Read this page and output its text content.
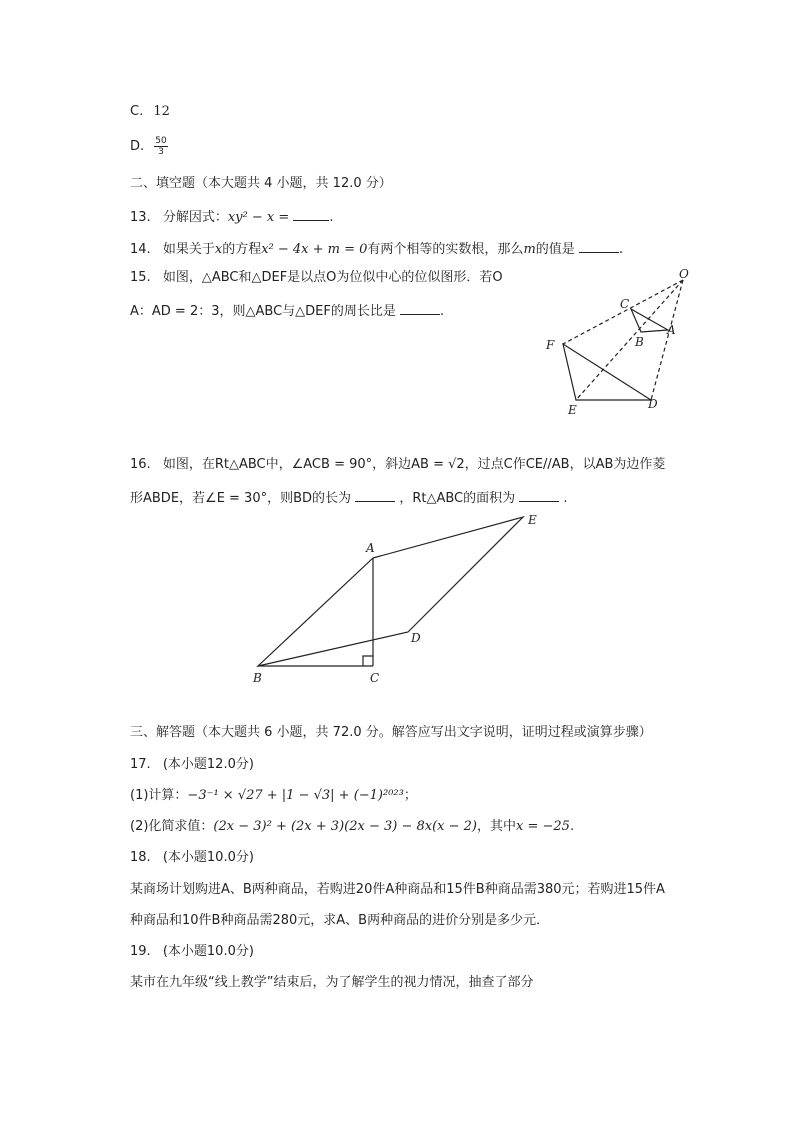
C. 12
D. $\frac{50}{3}$
二、填空题（本大题共 4 小题，共 12.0 分）
13. 分解因式：xy² − x =	.
14. 如果关于x的方程x² − 4x + m = 0有两个相等的实数根，那么m的值是	.
15. 如图，△ABC和△DEF是以点O为位似中心的位似图形．若O
A：AD = 2：3，则△ABC与△DEF的周长比是	.
O
C
A
B
F
E	D
16. 如图，在Rt△ABC中，∠ACB = 90°，斜边AB = √2，过点C作CE//AB，以AB为边作菱
形ABDE，若∠E = 30°，则BD的长为	，Rt△ABC的面积为	.
A
E
D
B	C
三、解答题（本大题共 6 小题，共 72.0 分。解答应写出文字说明，证明过程或演算步骤）
17. (本小题12.0分)
(1)计算：−3⁻¹ × √27 + |1 − √3| + (−1)²⁰²³；
(2)化简求值：(2x − 3)² + (2x + 3)(2x − 3) − 8x(x − 2)，其中x = −25.
18. (本小题10.0分)
某商场计划购进A、B两种商品，若购进20件A种商品和15件B种商品需380元；若购进15件A
种商品和10件B种商品需280元，求A、B两种商品的进价分别是多少元．
19. (本小题10.0分)
某市在九年级“线上教学”结束后，为了解学生的视力情况，抽查了部分
